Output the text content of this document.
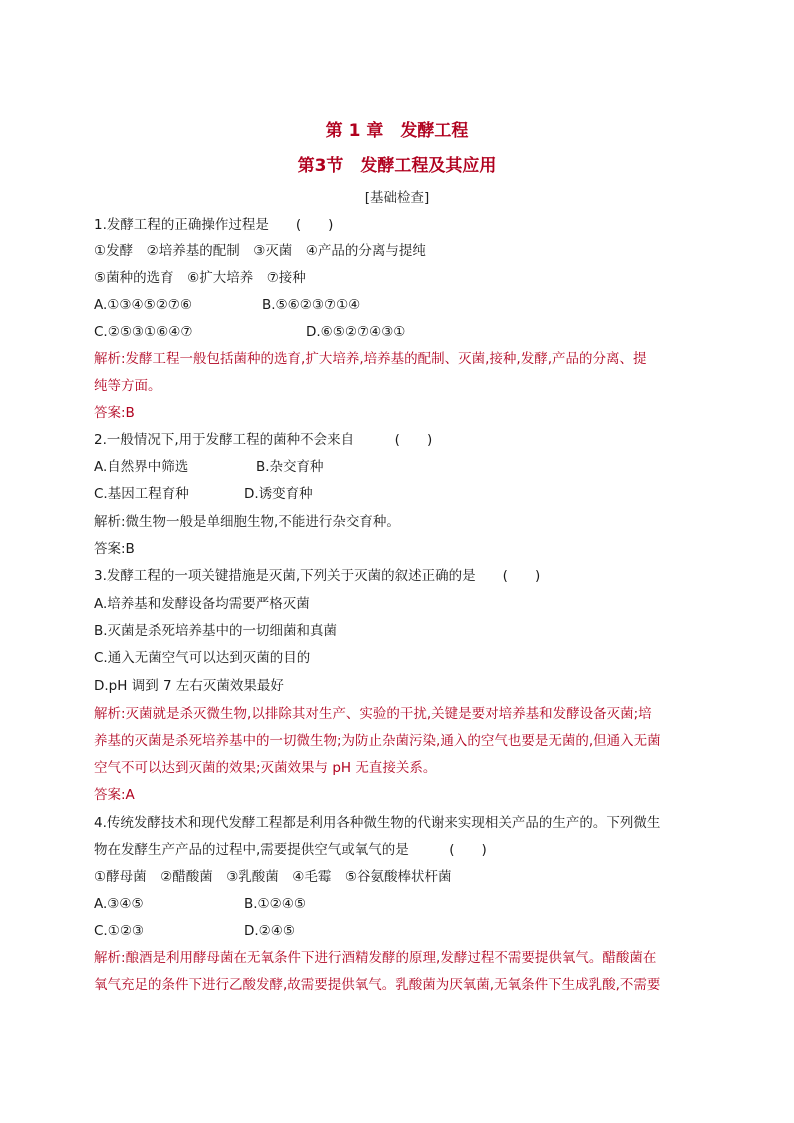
第 1 章　发酵工程
第3节　发酵工程及其应用
[基础检查]
1.发酵工程的正确操作过程是　　(　　)
①发酵　②培养基的配制　③灭菌　④产品的分离与提纯
⑤菌种的选育　⑥扩大培养　⑦接种
A.①③④⑤②⑦⑥	B.⑤⑥②③⑦①④
C.②⑤③①⑥④⑦	D.⑥⑤②⑦④③①
解析:发酵工程一般包括菌种的选育,扩大培养,培养基的配制、灭菌,接种,发酵,产品的分离、提
纯等方面。
答案:B
2.一般情况下,用于发酵工程的菌种不会来自　　　(　　)
A.自然界中筛选	B.杂交育种
C.基因工程育种	D.诱变育种
解析:微生物一般是单细胞生物,不能进行杂交育种。
答案:B
3.发酵工程的一项关键措施是灭菌,下列关于灭菌的叙述正确的是　　(　　)
A.培养基和发酵设备均需要严格灭菌
B.灭菌是杀死培养基中的一切细菌和真菌
C.通入无菌空气可以达到灭菌的目的
D.pH 调到 7 左右灭菌效果最好
解析:灭菌就是杀灭微生物,以排除其对生产、实验的干扰,关键是要对培养基和发酵设备灭菌;培
养基的灭菌是杀死培养基中的一切微生物;为防止杂菌污染,通入的空气也要是无菌的,但通入无菌
空气不可以达到灭菌的效果;灭菌效果与 pH 无直接关系。
答案:A
4.传统发酵技术和现代发酵工程都是利用各种微生物的代谢来实现相关产品的生产的。下列微生
物在发酵生产产品的过程中,需要提供空气或氧气的是　　　(　　)
①酵母菌　②醋酸菌　③乳酸菌　④毛霉　⑤谷氨酸棒状杆菌
A.③④⑤	B.①②④⑤
C.①②③	D.②④⑤
解析:酿酒是利用酵母菌在无氧条件下进行酒精发酵的原理,发酵过程不需要提供氧气。醋酸菌在
氧气充足的条件下进行乙酸发酵,故需要提供氧气。乳酸菌为厌氧菌,无氧条件下生成乳酸,不需要
